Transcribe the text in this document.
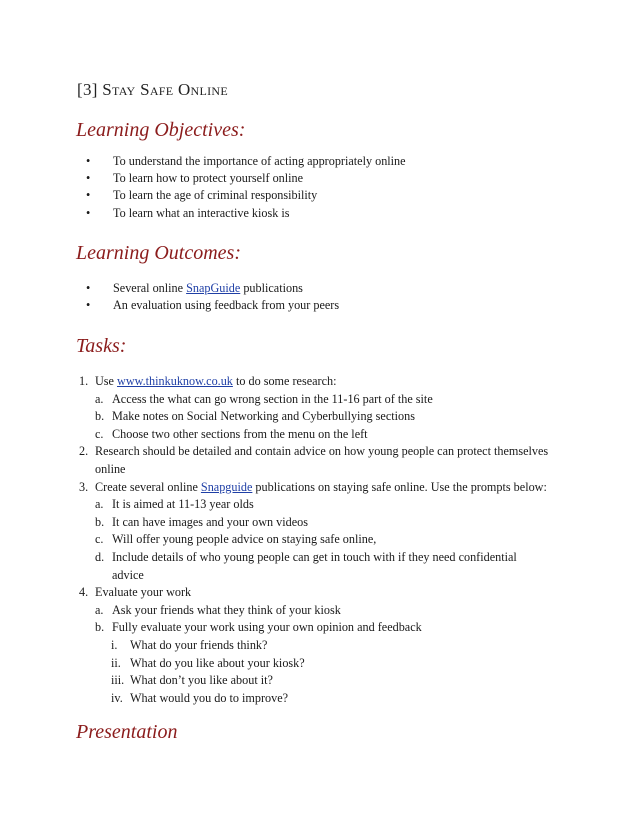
[3] Stay Safe Online
Learning Objectives:
•	To understand the importance of acting appropriately online
•	To learn how to protect yourself online
•	To learn the age of criminal responsibility
•	To learn what an interactive kiosk is
Learning Outcomes:
•	Several online SnapGuide publications
•	An evaluation using feedback from your peers
Tasks:
1. Use www.thinkuknow.co.uk to do some research:
a. Access the what can go wrong section in the 11-16 part of the site
b. Make notes on Social Networking and Cyberbullying sections
c. Choose two other sections from the menu on the left
2. Research should be detailed and contain advice on how young people can protect themselves
online
3. Create several online Snapguide publications on staying safe online. Use the prompts below:
a. It is aimed at 11-13 year olds
b. It can have images and your own videos
c. Will offer young people advice on staying safe online,
d. Include details of who young people can get in touch with if they need confidential
advice
4. Evaluate your work
a. Ask your friends what they think of your kiosk
b. Fully evaluate your work using your own opinion and feedback
i.	What do your friends think?
ii. What do you like about your kiosk?
iii. What don’t you like about it?
iv. What would you do to improve?
Presentation
